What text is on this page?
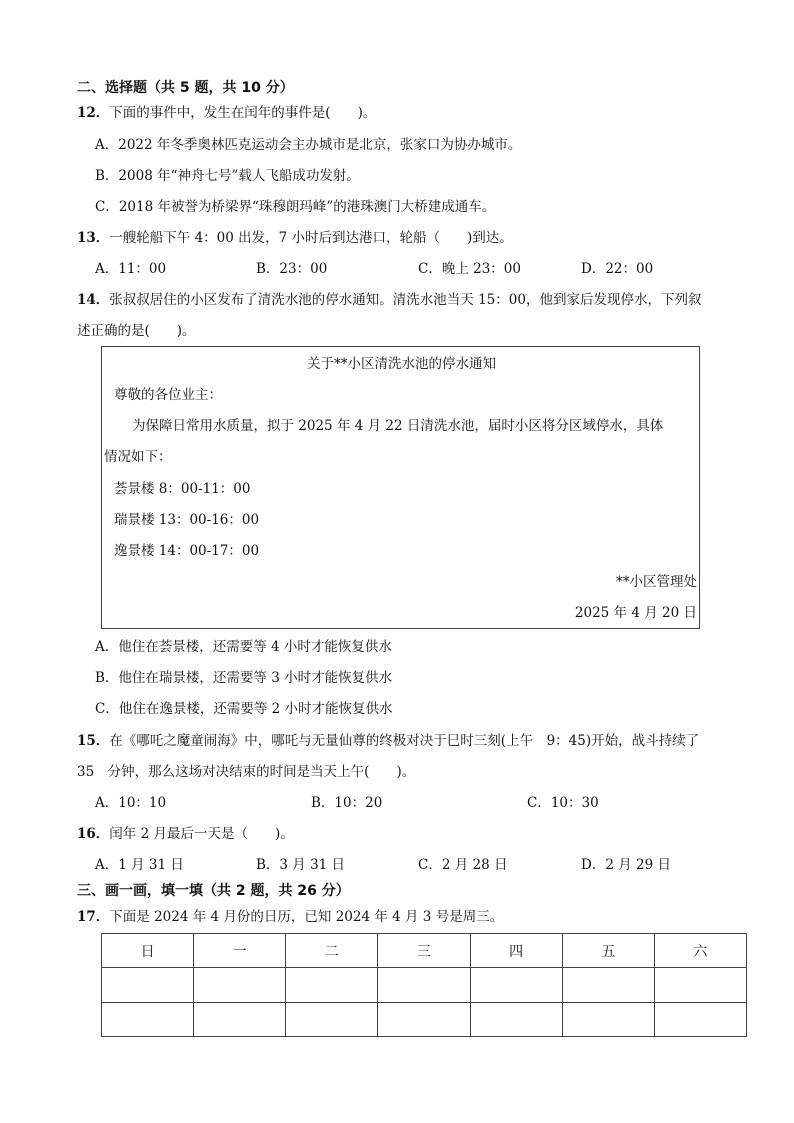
二、选择题（共 5 题，共 10 分）
12．下面的事件中，发生在闰年的事件是(　　)。
A．2022 年冬季奥林匹克运动会主办城市是北京，张家口为协办城市。
B．2008 年“神舟七号”载人飞船成功发射。
C．2018 年被誉为桥梁界“珠穆朗玛峰”的港珠澳门大桥建成通车。
13．一艘轮船下午 4：00 出发，7 小时后到达港口，轮船（　　)到达。
A．11：00	B．23：00	C．晚上 23：00	D．22：00
14．张叔叔居住的小区发布了清洗水池的停水通知。清洗水池当天 15：00，他到家后发现停水，下列叙
述正确的是(　　)。
关于**小区清洗水池的停水通知
尊敬的各位业主：
为保障日常用水质量，拟于 2025 年 4 月 22 日清洗水池，届时小区将分区域停水，具体
情况如下：
荟景楼 8：00-11：00
瑞景楼 13：00-16：00
逸景楼 14：00-17：00
**小区管理处
2025 年 4 月 20 日
A．他住在荟景楼，还需要等 4 小时才能恢复供水
B．他住在瑞景楼，还需要等 3 小时才能恢复供水
C．他住在逸景楼，还需要等 2 小时才能恢复供水
15．在《哪吒之魔童闹海》中，哪吒与无量仙尊的终极对决于巳时三刻(上午　9：45)开始，战斗持续了
35　分钟，那么这场对决结束的时间是当天上午(　　)。
A．10：10	B．10：20	C．10：30
16．闰年 2 月最后一天是（　　)。
A．1 月 31 日	B．3 月 31 日	C．2 月 28 日	D．2 月 29 日
三、画一画，填一填（共 2 题，共 26 分）
17．下面是 2024 年 4 月份的日历，已知 2024 年 4 月 3 号是周三。
日	一	二	三	四	五	六
